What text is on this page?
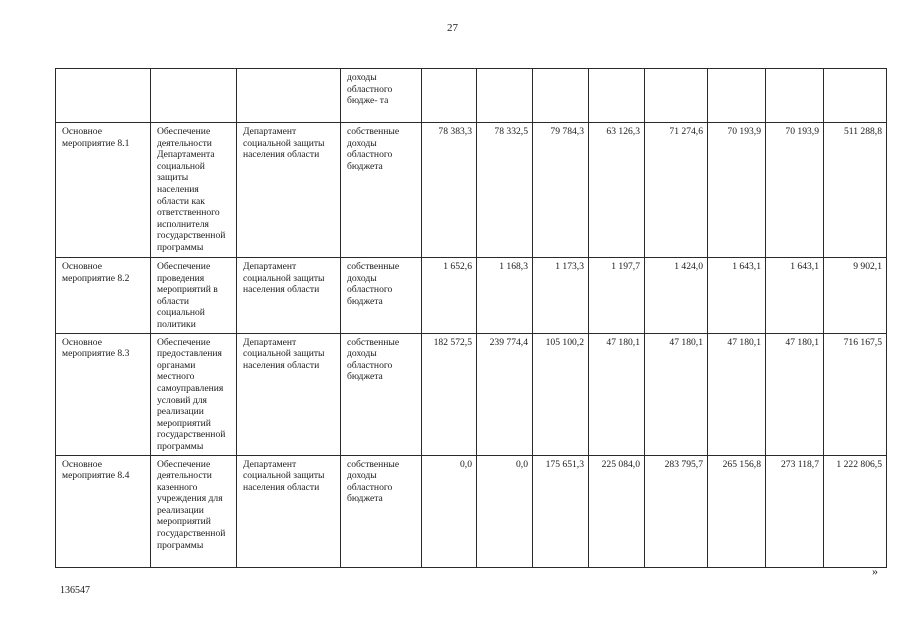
27
			доходы областного бюдже- та								
Основное мероприятие 8.1	Обеспечение деятельности Департамента социальной защиты населения области как ответственного исполнителя государственной программы	Департамент социальной защиты населения области	собственные доходы областного бюджета	78 383,3	78 332,5	79 784,3	63 126,3	71 274,6	70 193,9	70 193,9	511 288,8
Основное мероприятие 8.2	Обеспечение проведения мероприятий в области социальной политики	Департамент социальной защиты населения области	собственные доходы областного бюджета	1 652,6	1 168,3	1 173,3	1 197,7	1 424,0	1 643,1	1 643,1	9 902,1
Основное мероприятие 8.3	Обеспечение предоставления органами местного самоуправления условий для реализации мероприятий государственной программы	Департамент социальной защиты населения области	собственные доходы областного бюджета	182 572,5	239 774,4	105 100,2	47 180,1	47 180,1	47 180,1	47 180,1	716 167,5
Основное мероприятие 8.4	Обеспечение деятельности казенного учреждения для реализации мероприятий государственной программы	Департамент социальной защиты населения области	собственные доходы областного бюджета	0,0	0,0	175 651,3	225 084,0	283 795,7	265 156,8	273 118,7	1 222 806,5
»
136547
